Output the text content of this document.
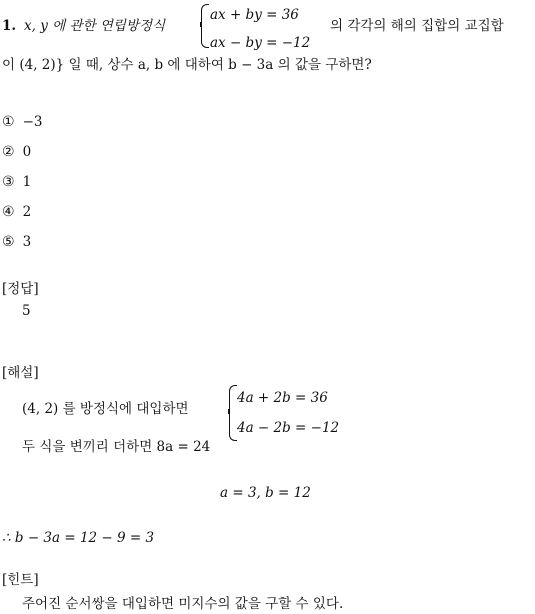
1. x, y 에 관한 연립방정식
ax + by = 36
ax − by = −12
의 각각의 해의 집합의 교집합
이 (4, 2)} 일 때, 상수 a, b 에 대하여 b − 3a 의 값을 구하면?
① −3
② 0
③ 1
④ 2
⑤ 3
[정답]
5
[해설]
(4, 2) 를 방정식에 대입하면
4a + 2b = 36
4a − 2b = −12
두 식을 변끼리 더하면 8a = 24
a = 3, b = 12
∴ b − 3a = 12 − 9 = 3
[힌트]
주어진 순서쌍을 대입하면 미지수의 값을 구할 수 있다.
